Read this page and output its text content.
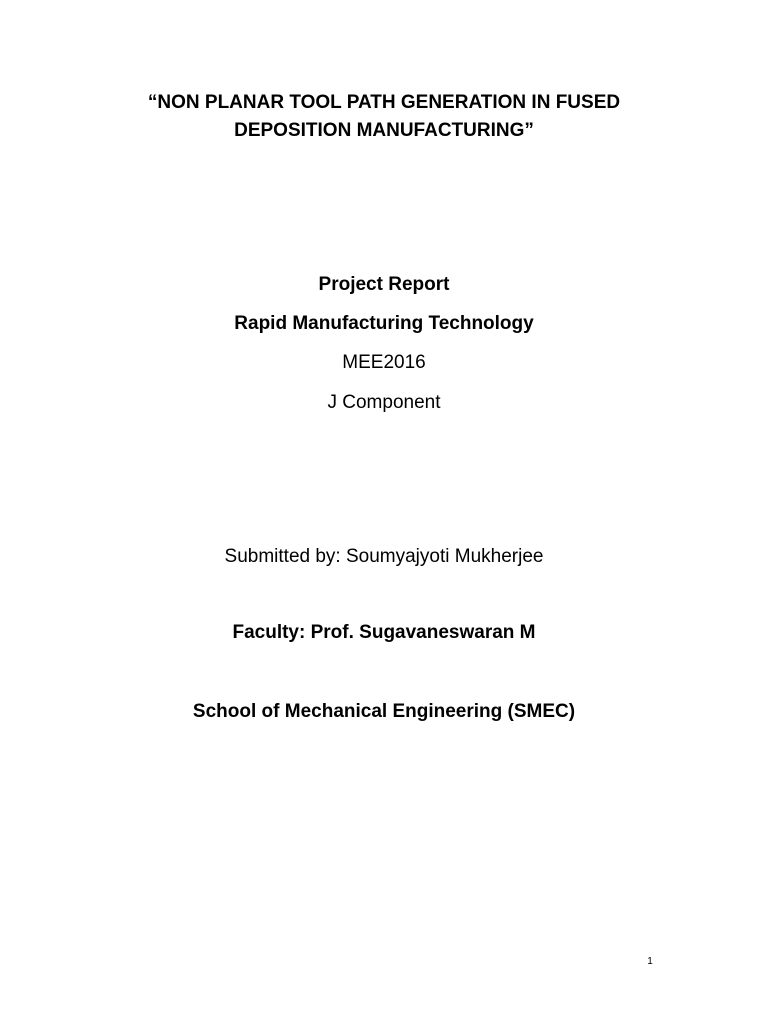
“NON PLANAR TOOL PATH GENERATION IN FUSED
DEPOSITION MANUFACTURING”
Project Report
Rapid Manufacturing Technology
MEE2016
J Component
Submitted by: Soumyajyoti Mukherjee
Faculty: Prof. Sugavaneswaran M
School of Mechanical Engineering (SMEC)
1
